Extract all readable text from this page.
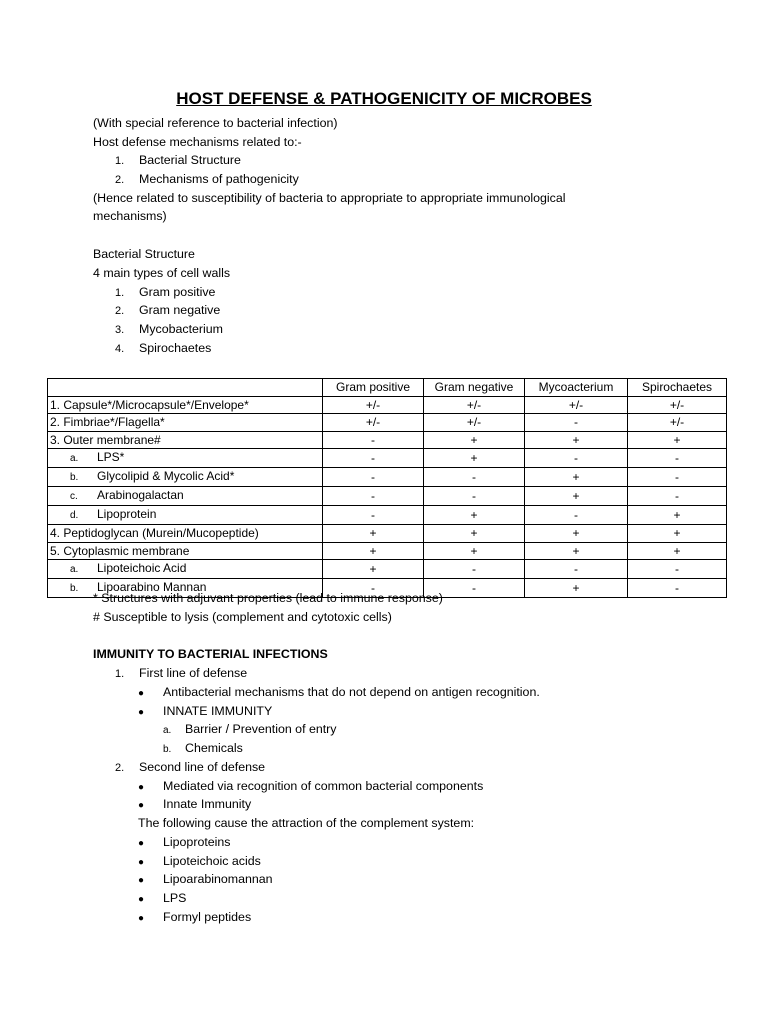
HOST DEFENSE & PATHOGENICITY OF MICROBES
(With special reference to bacterial infection)
Host defense mechanisms related to:-
1. Bacterial Structure
2. Mechanisms of pathogenicity
(Hence related to susceptibility of bacteria to appropriate to appropriate immunological
mechanisms)
Bacterial Structure
4 main types of cell walls
1. Gram positive
2. Gram negative
3. Mycobacterium
4. Spirochaetes
	Gram positive	Gram negative	Mycoacterium	Spirochaetes
1. Capsule*/Microcapsule*/Envelope*	+/-	+/-	+/-	+/-
2. Fimbriae*/Flagella*	+/-	+/-	-	+/-
3. Outer membrane#	-	+	+	+
a. LPS*	-	+	-	-
b. Glycolipid & Mycolic Acid*	-	-	+	-
c. Arabinogalactan	-	-	+	-
d. Lipoprotein	-	+	-	+
4. Peptidoglycan (Murein/Mucopeptide)	+	+	+	+
5. Cytoplasmic membrane	+	+	+	+
a. Lipoteichoic Acid	+	-	-	-
b. Lipoarabino Mannan	-	-	+	-
* Structures with adjuvant properties (lead to immune response)
# Susceptible to lysis (complement and cytotoxic cells)
IMMUNITY TO BACTERIAL INFECTIONS
1. First line of defense
● Antibacterial mechanisms that do not depend on antigen recognition.
● INNATE IMMUNITY
a. Barrier / Prevention of entry
b. Chemicals
2. Second line of defense
● Mediated via recognition of common bacterial components
● Innate Immunity
The following cause the attraction of the complement system:
● Lipoproteins
● Lipoteichoic acids
● Lipoarabinomannan
● LPS
● Formyl peptides
